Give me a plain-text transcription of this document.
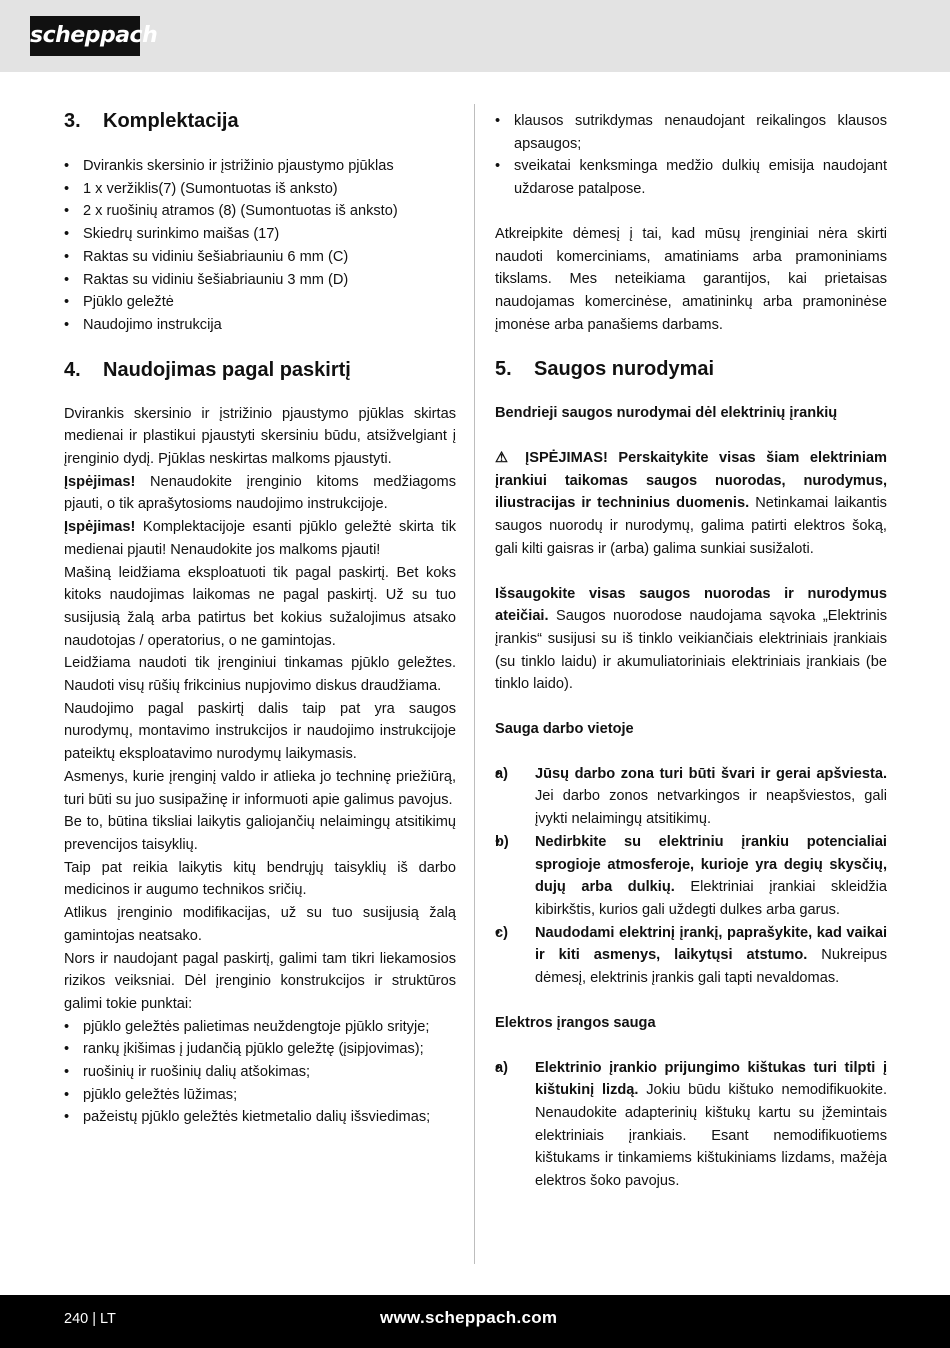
scheppach
3. Komplektacija
• Dvirankis skersinio ir įstrižinio pjaustymo pjūklas
• 1 x veržiklis(7) (Sumontuotas iš anksto)
• 2 x ruošinių atramos (8) (Sumontuotas iš anksto)
• Skiedrų surinkimo maišas (17)
• Raktas su vidiniu šešiabriauniu 6 mm (C)
• Raktas su vidiniu šešiabriauniu 3 mm (D)
• Pjūklo geležtė
• Naudojimo instrukcija
4. Naudojimas pagal paskirtį

Dvirankis skersinio ir įstrižinio pjaustymo pjūklas skirtas medienai ir plastikui pjaustyti skersiniu būdu, atsižvelgiant į įrenginio dydį. Pjūklas neskirtas malkoms pjaustyti.

Įspėjimas! Nenaudokite įrenginio kitoms medžiagoms pjauti, o tik aprašytosioms naudojimo instrukcijoje.

Įspėjimas! Komplektacijoje esanti pjūklo geležtė skirta tik medienai pjauti! Nenaudokite jos malkoms pjauti!

Mašiną leidžiama eksploatuoti tik pagal paskirtį. Bet koks kitoks naudojimas laikomas ne pagal paskirtį. Už su tuo susijusią žalą arba patirtus bet kokius sužalojimus atsako naudotojas / operatorius, o ne gamintojas.

Leidžiama naudoti tik įrenginiui tinkamas pjūklo geležtes. Naudoti visų rūšių frikcinius nupjovimo diskus draudžiama.

Naudojimo pagal paskirtį dalis taip pat yra saugos nurodymų, montavimo instrukcijos ir naudojimo instrukcijoje pateiktų eksploatavimo nurodymų laikymasis.

Asmenys, kurie įrenginį valdo ir atlieka jo techninę priežiūrą, turi būti su juo susipažinę ir informuoti apie galimus pavojus.

Be to, būtina tiksliai laikytis galiojančių nelaimingų atsitikimų prevencijos taisyklių.

Taip pat reikia laikytis kitų bendrųjų taisyklių iš darbo medicinos ir augumo technikos sričių.

Atlikus įrenginio modifikacijas, už su tuo susijusią žalą gamintojas neatsako.

Nors ir naudojant pagal paskirtį, galimi tam tikri liekamosios rizikos veiksniai. Dėl įrenginio konstrukcijos ir struktūros galimi tokie punktai:

• pjūklo geležtės palietimas neuždengtoje pjūklo srityje;
• rankų įkišimas į judančią pjūklo geležtę (įsipjovimas);
• ruošinių ir ruošinių dalių atšokimas;
• pjūklo geležtės lūžimas;
• pažeistų pjūklo geležtės kietmetalio dalių išsviedimas;
• klausos sutrikdymas nenaudojant reikalingos klausos apsaugos;
• sveikatai kenksminga medžio dulkių emisija naudojant uždarose patalpose.

Atkreipkite dėmesį į tai, kad mūsų įrenginiai nėra skirti naudoti komerciniams, amatiniams arba pramoniniams tikslams. Mes neteikiama garantijos, kai prietaisas naudojamas komercinėse, amatininkų arba pramoninėse įmonėse arba panašiems darbams.

5. Saugos nurodymai

Bendrieji saugos nurodymai dėl elektrinių įrankių

⚠ ĮSPĖJIMAS! Perskaitykite visas šiam elektriniam įrankiui taikomas saugos nuorodas, nurodymus, iliustracijas ir techninius duomenis. Netinkamai laikantis saugos nuorodų ir nurodymų, galima patirti elektros šoką, gali kilti gaisras ir (arba) galima sunkiai susižaloti.

Išsaugokite visas saugos nuorodas ir nurodymus ateičiai. Saugos nuorodose naudojama sąvoka „Elektrinis įrankis“ susijusi su iš tinklo veikiančiais elektriniais įrankiais (su tinklo laidu) ir akumuliatoriniais elektriniais įrankiais (be tinklo laido).

Sauga darbo vietoje

• a) Jūsų darbo zona turi būti švari ir gerai apšviesta. Jei darbo zonos netvarkingos ir neapšviestos, gali įvykti nelaimingų atsitikimų.
• b) Nedirbkite su elektriniu įrankiu potencialiai sprogioje atmosferoje, kurioje yra degių skysčių, dujų arba dulkių. Elektriniai įrankiai skleidžia kibirkštis, kurios gali uždegti dulkes arba garus.
• c) Naudodami elektrinį įrankį, paprašykite, kad vaikai ir kiti asmenys, laikytųsi atstumo. Nukreipus dėmesį, elektrinis įrankis gali tapti nevaldomas.

Elektros įrangos sauga

• a) Elektrinio įrankio prijungimo kištukas turi tilpti į kištukinį lizdą. Jokiu būdu kištuko nemodifikuokite. Nenaudokite adapterinių kištukų kartu su įžemintais elektriniais įrankiais. Esant nemodifikuotiems kištukams ir tinkamiems kištukiniams lizdams, mažėja elektros šoko pavojus.
240 | LT	www.scheppach.com
